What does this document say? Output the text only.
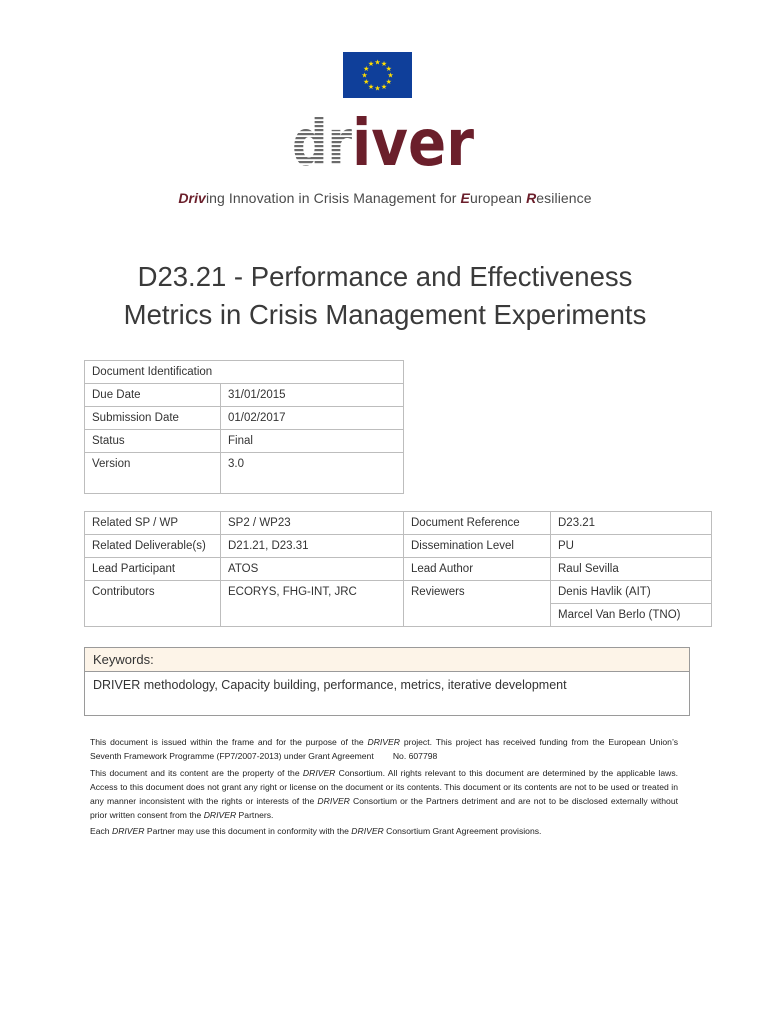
★
★
★
★
★
★
★
★
★ ★ ★
★
dr iver
Driving Innovation in Crisis Management for European Resilience
D23.21 - Performance and Effectiveness
Metrics in Crisis Management Experiments
Document Identification	
Due Date	31/01/2015
Submission Date	01/02/2017
Status	Final
Version	3.0
Related SP / WP	SP2 / WP23	Document Reference	D23.21
Related Deliverable(s)	D21.21, D23.31	Dissemination Level	PU
Lead Participant	ATOS	Lead Author	Raul Sevilla
Contributors	ECORYS, FHG-INT, JRC	Reviewers	Denis Havlik (AIT)
			Marcel Van Berlo (TNO)
Keywords:
DRIVER methodology, Capacity building, performance, metrics, iterative development
This document is issued within the frame and for the purpose of the DRIVER project. This project has received funding from the European Union’s Seventh Framework Programme (FP7/2007-2013) under Grant Agreement No. 607798
This document and its content are the property of the DRIVER Consortium. All rights relevant to this document are determined by the applicable laws. Access to this document does not grant any right or license on the document or its contents. This document or its contents are not to be used or treated in any manner inconsistent with the rights or interests of the DRIVER Consortium or the Partners detriment and are not to be disclosed externally without prior written consent from the DRIVER Partners.
Each DRIVER Partner may use this document in conformity with the DRIVER Consortium Grant Agreement provisions.
